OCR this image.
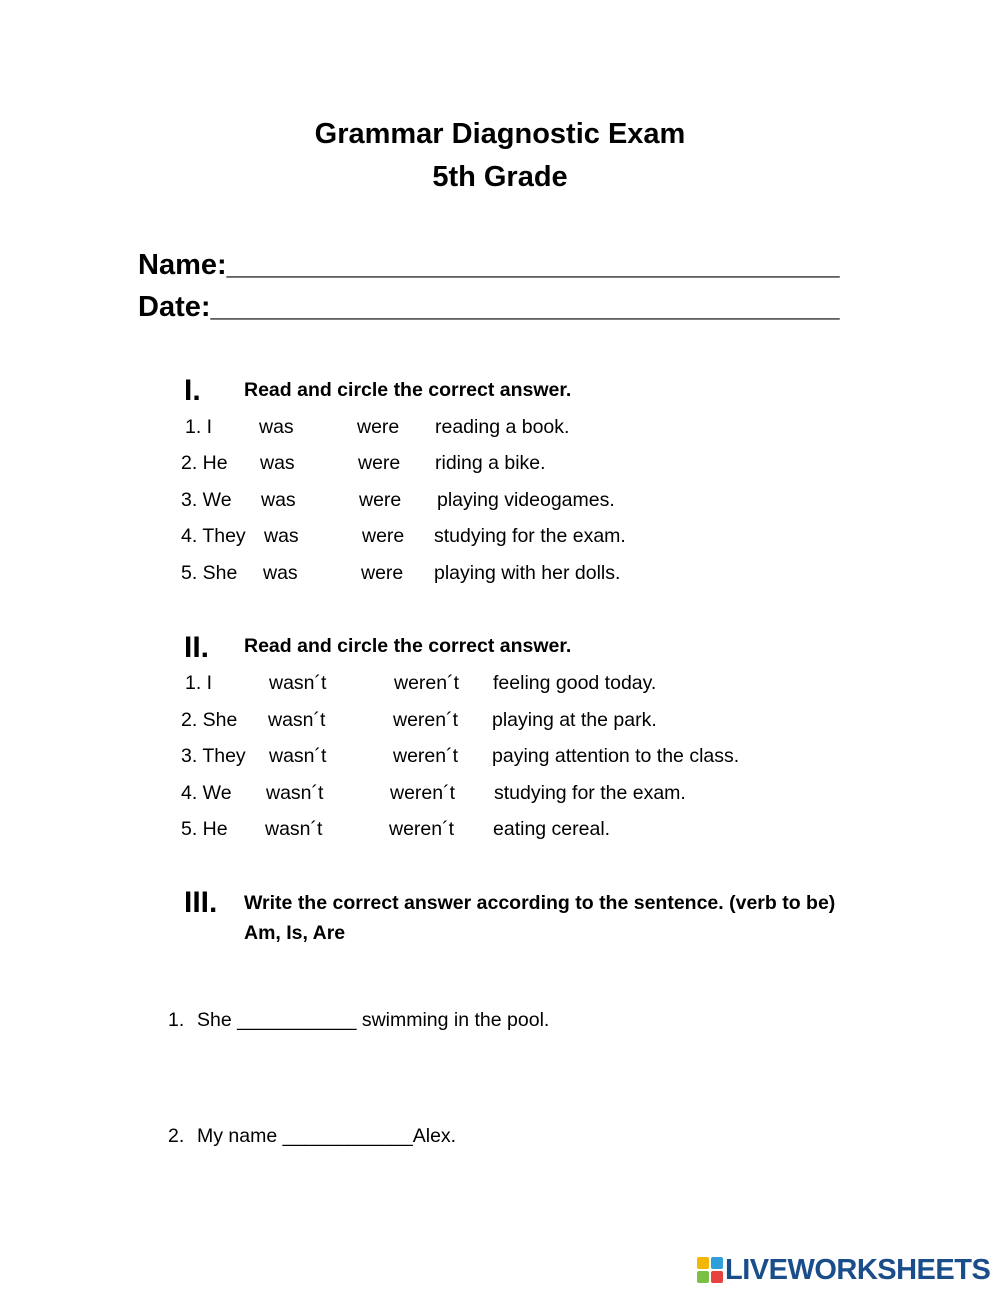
Grammar Diagnostic Exam
5th Grade
Name:______________________________________
Date:_______________________________________
I. Read and circle the correct answer.
1. I was	were reading a book.
2. He was	were riding a bike.
3. We was	were playing videogames.
4. They was	were studying for the exam.
5. She was	were playing with her dolls.
II. Read and circle the correct answer.
1. I	wasn´t	weren´t feeling good today.
2. She wasn´t	weren´t playing at the park.
3. They wasn´t	weren´t paying attention to the class.
4. We wasn´t	weren´t studying for the exam.
5. He wasn´t	weren´t eating cereal.
III. Write the correct answer according to the sentence. (verb to be)
Am, Is, Are
1. She ___________ swimming in the pool.
2. My name ____________Alex.
LIVEWORKSHEETS
